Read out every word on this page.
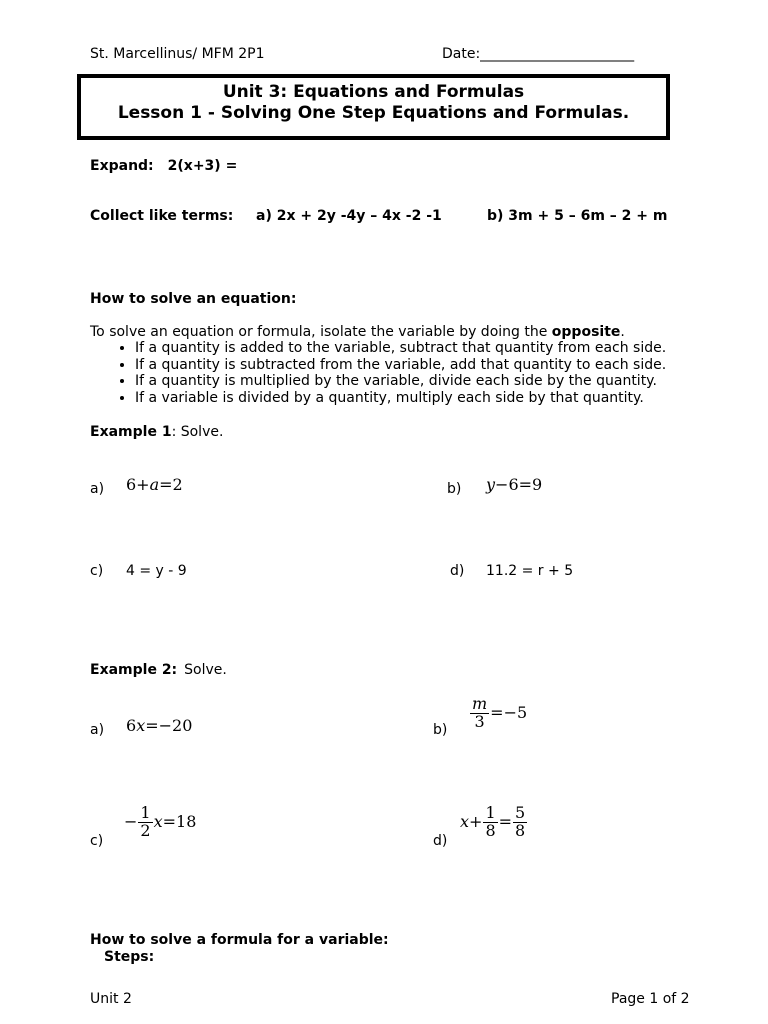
St. Marcellinus/ MFM 2P1	Date:______________________
Unit 3: Equations and Formulas
Lesson 1 - Solving One Step Equations and Formulas.
Expand: 2(x+3) =
Collect like terms: a) 2x + 2y -4y – 4x -2 -1	b) 3m + 5 – 6m – 2 + m
How to solve an equation:
To solve an equation or formula, isolate the variable by doing the opposite.
• If a quantity is added to the variable, subtract that quantity from each side.
• If a quantity is subtracted from the variable, add that quantity to each side.
• If a quantity is multiplied by the variable, divide each side by the quantity.
• If a variable is divided by a quantity, multiply each side by that quantity.
Example 1: Solve.
a) 6+a=2	b) y−6=9
c) 4 = y - 9	d) 11.2 = r + 5
Example 2: Solve.
a) 6x=−20	$b) \frac{m}{3} =-5$
c)
− $\frac{1}{2} x=18$
d)
$x+ \frac{1}{8} = \frac{5}{8}$
How to solve a formula for a variable:
Steps:
Unit 2	Page 1 of 2
